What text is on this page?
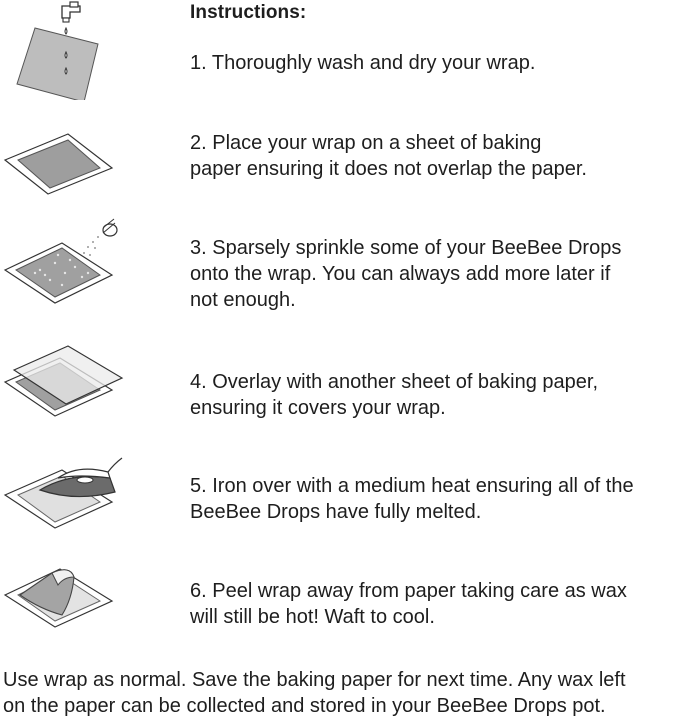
Instructions:
1. Thoroughly wash and dry your wrap.
2. Place your wrap on a sheet of baking
paper ensuring it does not overlap the paper.
3. Sparsely sprinkle some of your BeeBee Drops
onto the wrap. You can always add more later if
not enough.
4. Overlay with another sheet of baking paper,
ensuring it covers your wrap.
5. Iron over with a medium heat ensuring all of the
BeeBee Drops have fully melted.
6. Peel wrap away from paper taking care as wax
will still be hot! Waft to cool.
Use wrap as normal. Save the baking paper for next time. Any wax left
on the paper can be collected and stored in your BeeBee Drops pot.
